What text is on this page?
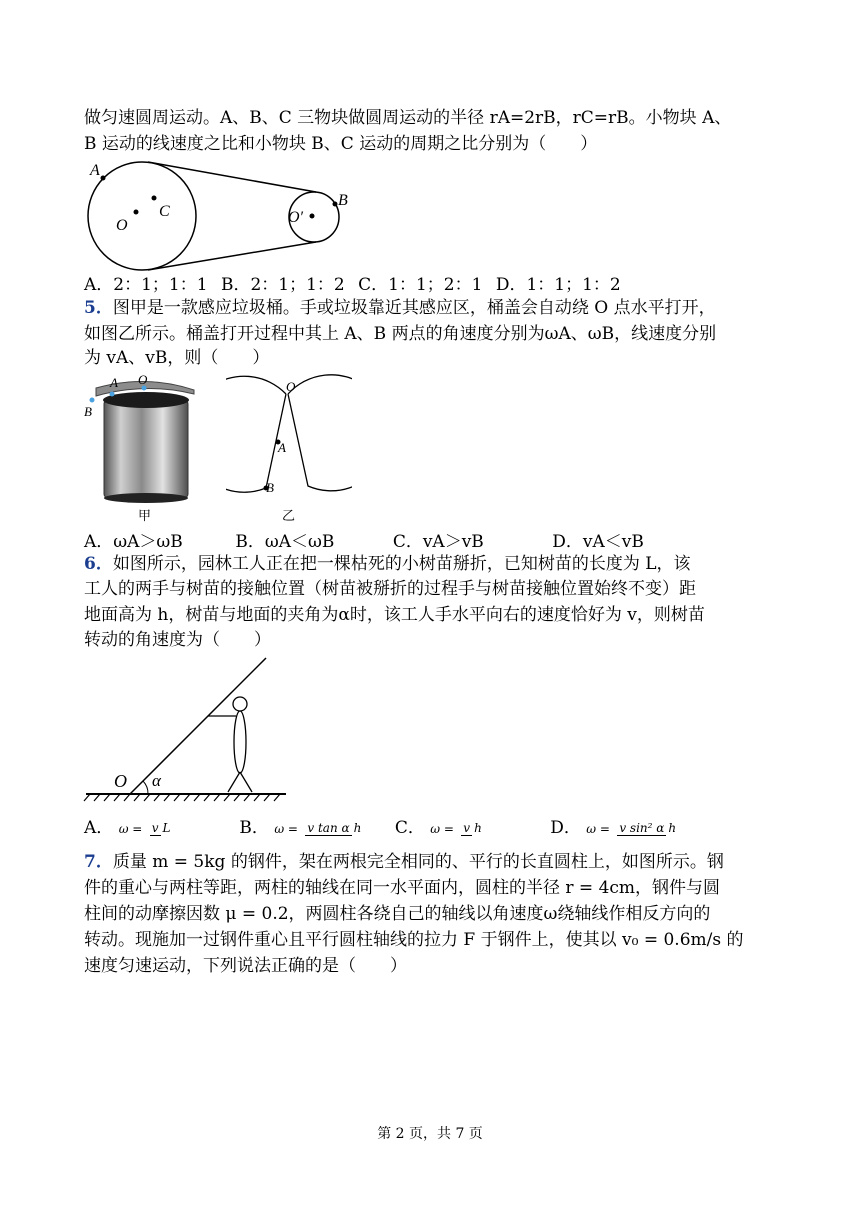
做匀速圆周运动。A、B、C 三物块做圆周运动的半径 rA=2rB，rC=rB。小物块 A、
B 运动的线速度之比和小物块 B、C 运动的周期之比分别为（　　）
A
C
O	O′
B
A．2：1；1：1 B．2：1；1：2 C．1：1；2：1 D．1：1；1：2
5．图甲是一款感应垃圾桶。手或垃圾靠近其感应区，桶盖会自动绕 O 点水平打开，
如图乙所示。桶盖打开过程中其上 A、B 两点的角速度分别为ωA、ωB，线速度分别
为 vA、vB，则（　　）
A O
B
甲
O
A
B
乙
A．ωA＞ωB	B．ωA＜ωB	C．vA＞vB	D．vA＜vB
6．如图所示，园林工人正在把一棵枯死的小树苗掰折，已知树苗的长度为 L，该
工人的两手与树苗的接触位置（树苗被掰折的过程手与树苗接触位置始终不变）距
地面高为 h，树苗与地面的夹角为α时，该工人手水平向右的速度恰好为 v，则树苗
转动的角速度为（　　）
O α
A． ω = v L	B． ω = v tan α h C． ω = v h	D． ω = v sin² α h
7．质量 m = 5kg 的钢件，架在两根完全相同的、平行的长直圆柱上，如图所示。钢
件的重心与两柱等距，两柱的轴线在同一水平面内，圆柱的半径 r = 4cm，钢件与圆
柱间的动摩擦因数 μ = 0.2，两圆柱各绕自己的轴线以角速度ω绕轴线作相反方向的
转动。现施加一过钢件重心且平行圆柱轴线的拉力 F 于钢件上，使其以 v₀ = 0.6m/s 的
速度匀速运动，下列说法正确的是（　　）
第 2 页，共 7 页
